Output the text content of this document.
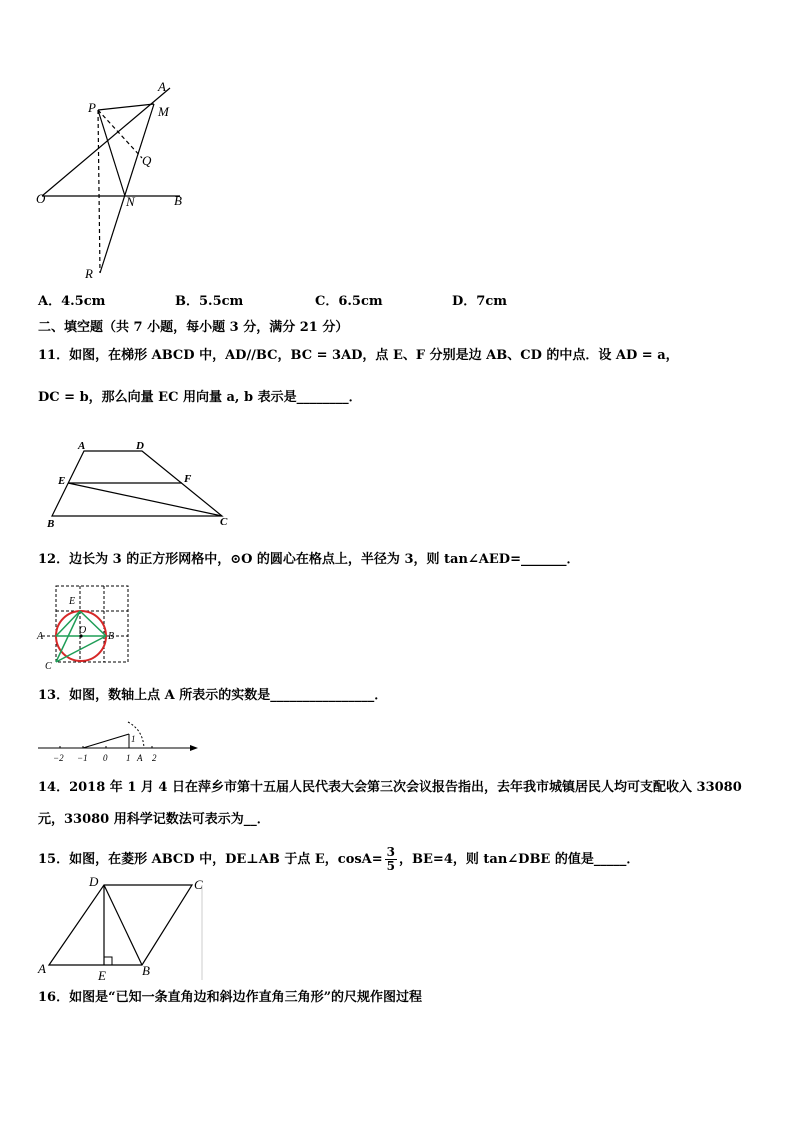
A
M
P
Q
O	N	B
R
A．4.5cm	B．5.5cm	C．6.5cm	D．7cm
二、填空题（共 7 小题，每小题 3 分，满分 21 分）
11．如图，在梯形 ABCD 中，AD//BC，BC = 3AD，点 E、F 分别是边 AB、CD 的中点．设 AD = a，
DC = b，那么向量 EC 用向量 a, b 表示是________．
A	D
E	F
B	C
12．边长为 3 的正方形网格中，⊙O 的圆心在格点上，半径为 3，则 tan∠AED=_______．
E
O
A	B
C
13．如图，数轴上点 A 所表示的实数是________________．
−2 −1 0 1 A 2
1
14．2018 年 1 月 4 日在萍乡市第十五届人民代表大会第三次会议报告指出，去年我市城镇居民人均可支配收入 33080
元，33080 用科学记数法可表示为__．
15．如图，在菱形 ABCD 中，DE⊥AB 于点 E，$\cos A= \frac{3}{5}$ ，BE=4，则 tan∠DBE 的值是_____．
D	C
A	E	B
16．如图是“已知一条直角边和斜边作直角三角形”的尺规作图过程
